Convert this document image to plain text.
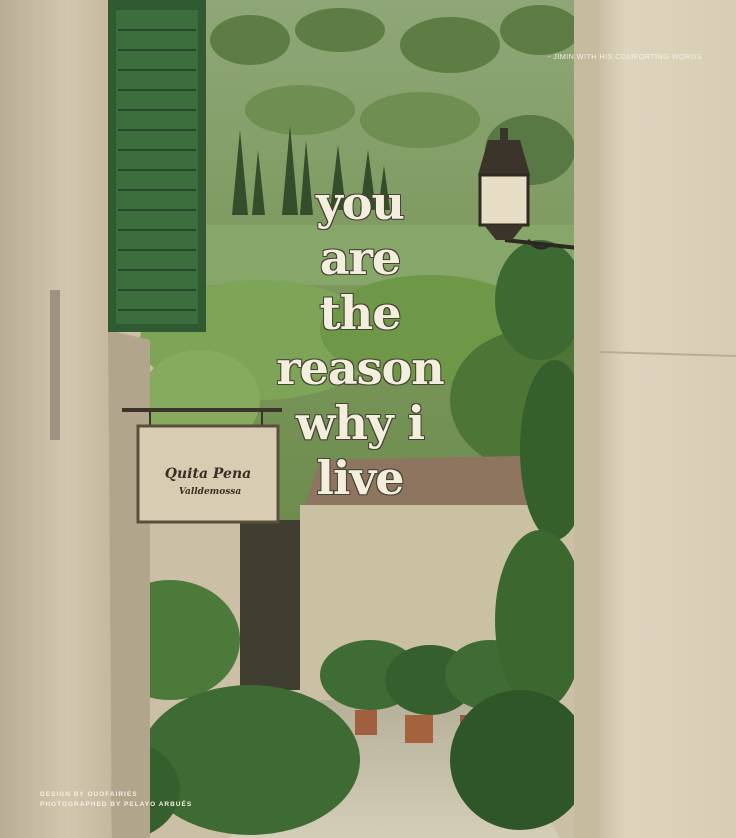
Quita Pena
Valldemossa
- JIMIN WITH HIS COMFORTING WORDS
you
are
the
reason
why i
live
DESIGN BY OUOFAIRIES
PHOTOGRAPHED BY PELAYO ARBUÉS
